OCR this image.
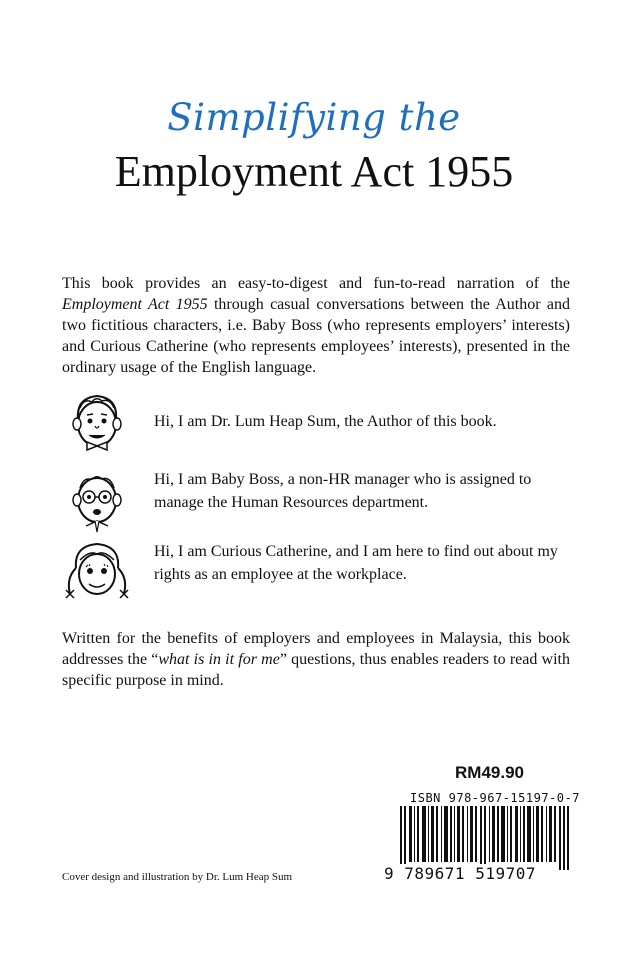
Simplifying the
Employment Act 1955

This book provides an easy-to-digest and fun-to-read narration of the Employment Act 1955 through casual conversations between the Author and two fictitious characters, i.e. Baby Boss (who represents employers’ interests) and Curious Catherine (who represents employees’ interests), presented in the ordinary usage of the English language.

Hi, I am Dr. Lum Heap Sum, the Author of this book.
Hi, I am Baby Boss, a non-HR manager who is assigned to manage the Human Resources department.
Hi, I am Curious Catherine, and I am here to find out about my rights as an employee at the workplace.

Written for the benefits of employers and employees in Malaysia, this book addresses the “what is in it for me” questions, thus enables readers to read with specific purpose in mind.

RM49.90
ISBN 978-967-15197-0-7
9 789671 519707
Cover design and illustration by Dr. Lum Heap Sum
